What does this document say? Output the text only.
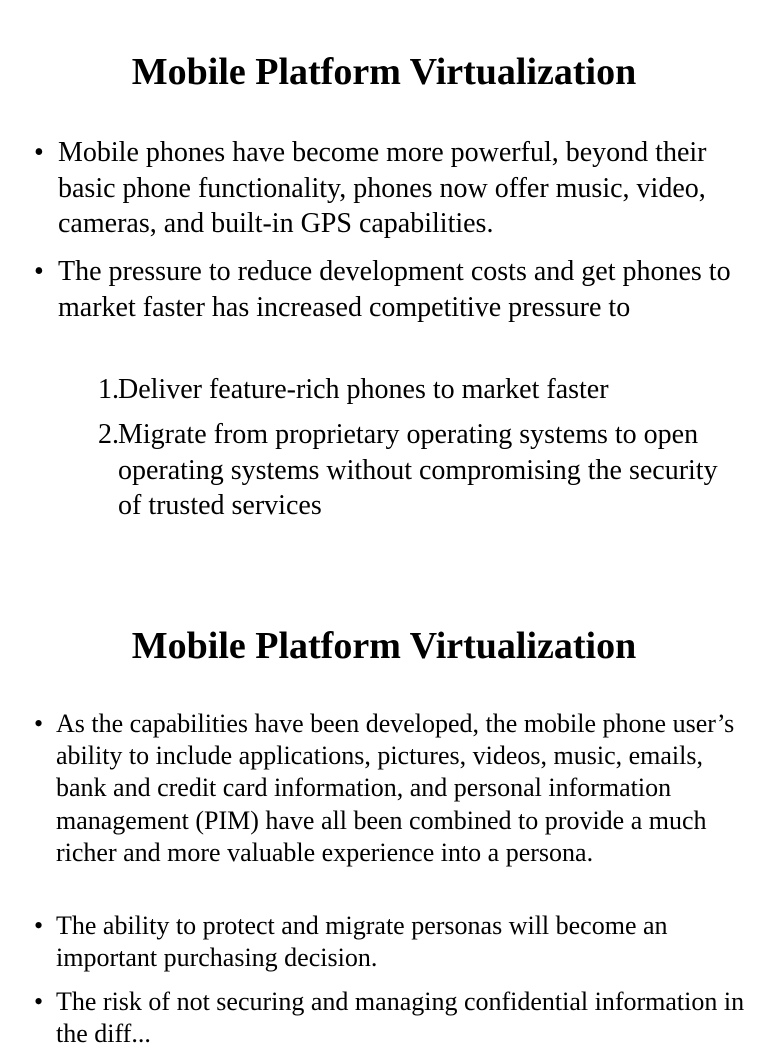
Mobile Platform Virtualization
• Mobile phones have become more powerful, beyond their basic phone functionality, phones now offer music, video, cameras, and built-in GPS capabilities.

• The pressure to reduce development costs and get phones to market faster has increased competitive pressure to

1. Deliver feature-rich phones to market faster
2. Migrate from proprietary operating systems to open operating systems without compromising the security of trusted services
Mobile Platform Virtualization
• As the capabilities have been developed, the mobile phone user’s ability to include applications, pictures, videos, music, emails, bank and credit card information, and personal information management (PIM) have all been combined to provide a much richer and more valuable experience into a persona.

• The ability to protect and migrate personas will become an important purchasing decision.

• The risk of not securing and managing confidential information in the diff...
